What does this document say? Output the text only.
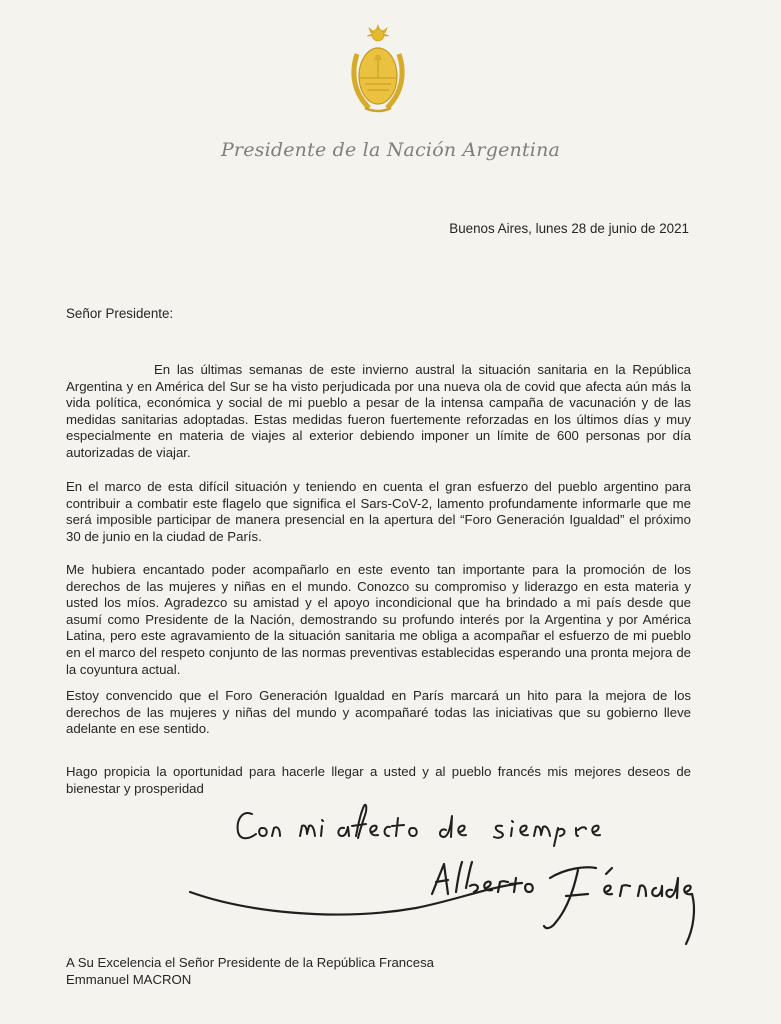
Presidente de la Nación Argentina
Buenos Aires, lunes 28 de junio de 2021
Señor Presidente:

En las últimas semanas de este invierno austral la situación sanitaria en la República Argentina y en América del Sur se ha visto perjudicada por una nueva ola de covid que afecta aún más la vida política, económica y social de mi pueblo a pesar de la intensa campaña de vacunación y de las medidas sanitarias adoptadas. Estas medidas fueron fuertemente reforzadas en los últimos días y muy especialmente en materia de viajes al exterior debiendo imponer un límite de 600 personas por día autorizadas de viajar.

En el marco de esta difícil situación y teniendo en cuenta el gran esfuerzo del pueblo argentino para contribuir a combatir este flagelo que significa el Sars-CoV-2, lamento profundamente informarle que me será imposible participar de manera presencial en la apertura del “Foro Generación Igualdad” el próximo 30 de junio en la ciudad de París.

Me hubiera encantado poder acompañarlo en este evento tan importante para la promoción de los derechos de las mujeres y niñas en el mundo. Conozco su compromiso y liderazgo en esta materia y usted los míos. Agradezco su amistad y el apoyo incondicional que ha brindado a mi país desde que asumí como Presidente de la Nación, demostrando su profundo interés por la Argentina y por América Latina, pero este agravamiento de la situación sanitaria me obliga a acompañar el esfuerzo de mi pueblo en el marco del respeto conjunto de las normas preventivas establecidas esperando una pronta mejora de la coyuntura actual.

Estoy convencido que el Foro Generación Igualdad en París marcará un hito para la mejora de los derechos de las mujeres y niñas del mundo y acompañaré todas las iniciativas que su gobierno lleve adelante en ese sentido.

Hago propicia la oportunidad para hacerle llegar a usted y al pueblo francés mis mejores deseos de bienestar y prosperidad

A Su Excelencia el Señor Presidente de la República Francesa
Emmanuel MACRON
